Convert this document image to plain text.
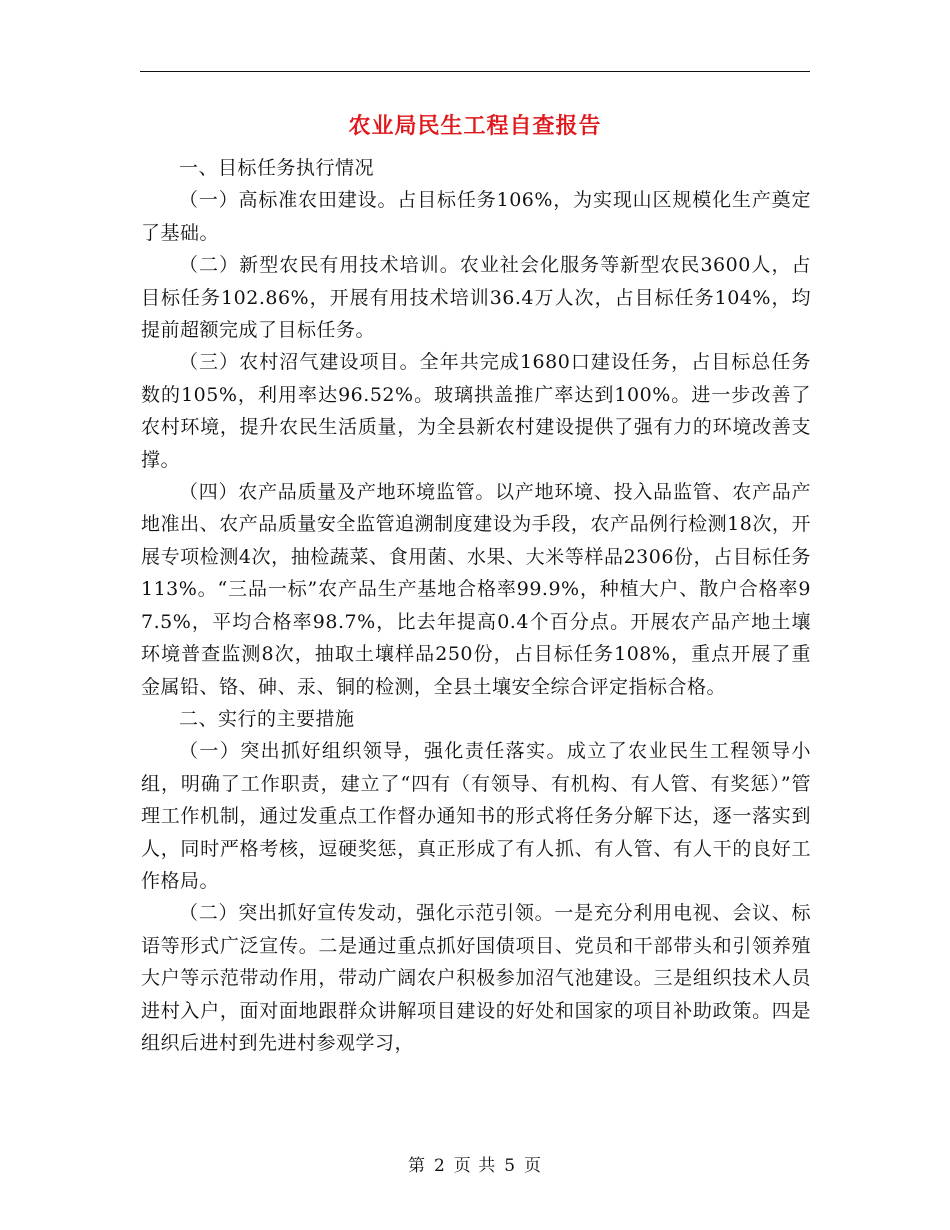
农业局民生工程自查报告

一、目标任务执行情况

（一）高标准农田建设。占目标任务106%，为实现山区规模化生产奠定了基础。

（二）新型农民有用技术培训。农业社会化服务等新型农民3600人，占目标任务102.86%，开展有用技术培训36.4万人次，占目标任务104%，均提前超额完成了目标任务。

（三）农村沼气建设项目。全年共完成1680口建设任务，占目标总任务数的105%，利用率达96.52%。玻璃拱盖推广率达到100%。进一步改善了农村环境，提升农民生活质量，为全县新农村建设提供了强有力的环境改善支撑。

（四）农产品质量及产地环境监管。以产地环境、投入品监管、农产品产地准出、农产品质量安全监管追溯制度建设为手段，农产品例行检测18次，开展专项检测4次，抽检蔬菜、食用菌、水果、大米等样品2306份，占目标任务113%。“三品一标”农产品生产基地合格率99.9%，种植大户、散户合格率97.5%，平均合格率98.7%，比去年提高0.4个百分点。开展农产品产地土壤环境普查监测8次，抽取土壤样品250份，占目标任务108%，重点开展了重金属铅、铬、砷、汞、铜的检测，全县土壤安全综合评定指标合格。

二、实行的主要措施

（一）突出抓好组织领导，强化责任落实。成立了农业民生工程领导小组，明确了工作职责，建立了“四有（有领导、有机构、有人管、有奖惩）”管理工作机制，通过发重点工作督办通知书的形式将任务分解下达，逐一落实到人，同时严格考核，逗硬奖惩，真正形成了有人抓、有人管、有人干的良好工作格局。

（二）突出抓好宣传发动，强化示范引领。一是充分利用电视、会议、标语等形式广泛宣传。二是通过重点抓好国债项目、党员和干部带头和引领养殖大户等示范带动作用，带动广阔农户积极参加沼气池建设。三是组织技术人员进村入户，面对面地跟群众讲解项目建设的好处和国家的项目补助政策。四是组织后进村到先进村参观学习，

第 2 页 共 5 页
